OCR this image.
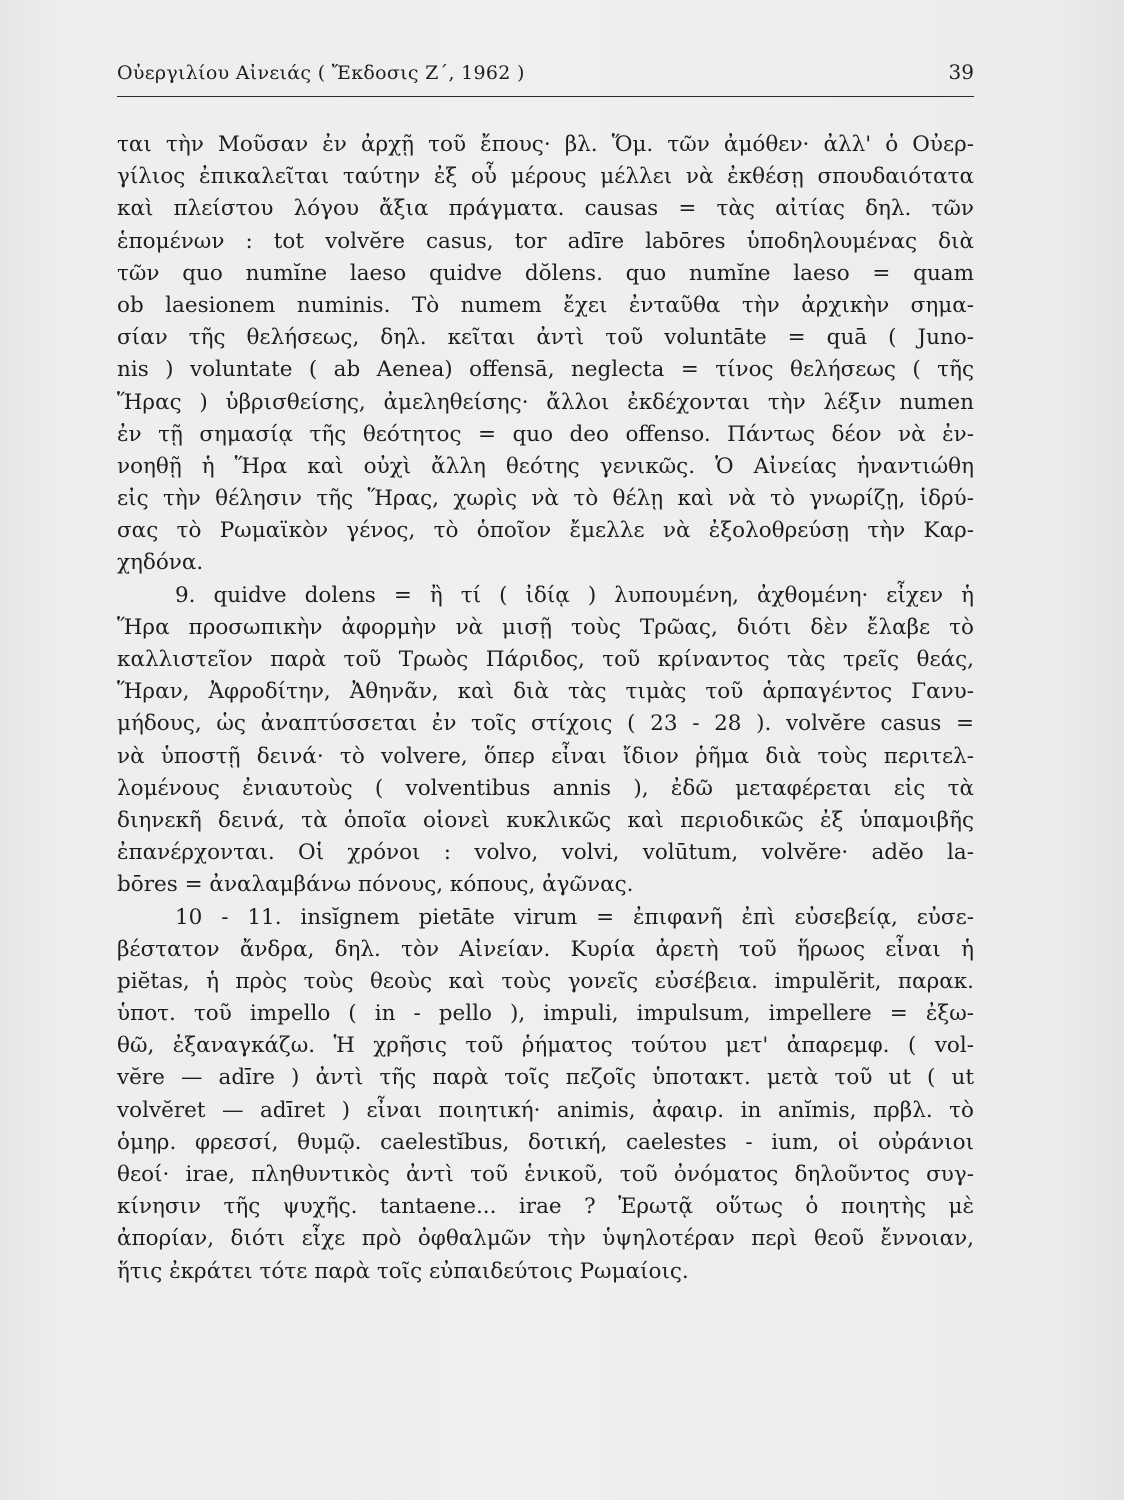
Οὐεργιλίου Αἰνειάς ( Ἔκδοσις Ζ΄, 1962 )	39
ται τὴν Μοῦσαν ἐν ἀρχῇ τοῦ ἔπους· βλ. Ὅμ. τῶν ἀμόθεν· ἀλλ' ὁ Οὐερ-
γίλιος ἐπικαλεῖται ταύτην ἐξ οὗ μέρους μέλλει νὰ ἐκθέσῃ σπουδαιότατα
καὶ πλείστου λόγου ἄξια πράγματα. causas = τὰς αἰτίας δηλ. τῶν
ἑπομένων : tot volvĕre casus, tor adīre labōres ὑποδηλουμένας διὰ
τῶν quo numĭne laeso quidve dŏlens. quo numĭne laeso = quam
ob laesionem numinis. Τὸ numem ἔχει ἐνταῦθα τὴν ἀρχικὴν σημα-
σίαν τῆς θελήσεως, δηλ. κεῖται ἀντὶ τοῦ voluntāte = quā ( Juno-
nis ) voluntate ( ab Aenea) offensā, neglecta = τίνος θελήσεως ( τῆς
Ἥρας ) ὑβρισθείσης, ἀμεληθείσης· ἄλλοι ἐκδέχονται τὴν λέξιν numen
ἐν τῇ σημασίᾳ τῆς θεότητος = quo deo offenso. Πάντως δέον νὰ ἐν-
νοηθῇ ἡ Ἥρα καὶ οὐχὶ ἄλλη θεότης γενικῶς. Ὁ Αἰνείας ἠναντιώθη
εἰς τὴν θέλησιν τῆς Ἥρας, χωρὶς νὰ τὸ θέλῃ καὶ νὰ τὸ γνωρίζῃ, ἱδρύ-
σας τὸ Ρωμαϊκὸν γένος, τὸ ὁποῖον ἔμελλε νὰ ἐξολοθρεύσῃ τὴν Καρ-
χηδόνα.
9. quidve dolens = ἢ τί ( ἰδίᾳ ) λυπουμένη, ἀχθομένη· εἶχεν ἡ
Ἥρα προσωπικὴν ἀφορμὴν νὰ μισῇ τοὺς Τρῶας, διότι δὲν ἔλαβε τὸ
καλλιστεῖον παρὰ τοῦ Τρωὸς Πάριδος, τοῦ κρίναντος τὰς τρεῖς θεάς,
Ἥραν, Ἀφροδίτην, Ἀθηνᾶν, καὶ διὰ τὰς τιμὰς τοῦ ἁρπαγέντος Γανυ-
μήδους, ὡς ἀναπτύσσεται ἐν τοῖς στίχοις ( 23 - 28 ). volvĕre casus =
νὰ ὑποστῇ δεινά· τὸ volvere, ὅπερ εἶναι ἴδιον ῥῆμα διὰ τοὺς περιτελ-
λομένους ἐνιαυτοὺς ( volventibus annis ), ἐδῶ μεταφέρεται εἰς τὰ
διηνεκῆ δεινά, τὰ ὁποῖα οἱονεὶ κυκλικῶς καὶ περιοδικῶς ἐξ ὑπαμοιβῆς
ἐπανέρχονται. Οἱ χρόνοι : volvo, volvi, volūtum, volvĕre· adĕo la-
bōres = ἀναλαμβάνω πόνους, κόπους, ἀγῶνας.
10 - 11. insĭgnem pietāte virum = ἐπιφανῆ ἐπὶ εὐσεβείᾳ, εὐσε-
βέστατον ἄνδρα, δηλ. τὸν Αἰνείαν. Κυρία ἀρετὴ τοῦ ἥρωος εἶναι ἡ
piĕtas, ἡ πρὸς τοὺς θεοὺς καὶ τοὺς γονεῖς εὐσέβεια. impulĕrit, παρακ.
ὑποτ. τοῦ impello ( in - pello ), impuli, impulsum, impellere = ἐξω-
θῶ, ἐξαναγκάζω. Ἡ χρῆσις τοῦ ῥήματος τούτου μετ' ἀπαρεμφ. ( vol-
vĕre — adīre ) ἀντὶ τῆς παρὰ τοῖς πεζοῖς ὑποτακτ. μετὰ τοῦ ut ( ut
volvĕret — adīret ) εἶναι ποιητική· animis, ἀφαιρ. in anĭmis, πρβλ. τὸ
ὁμηρ. φρεσσί, θυμῷ. caelestĭbus, δοτική, caelestes - ium, οἱ οὐράνιοι
θεοί· irae, πληθυντικὸς ἀντὶ τοῦ ἑνικοῦ, τοῦ ὀνόματος δηλοῦντος συγ-
κίνησιν τῆς ψυχῆς. tantaene... irae ? Ἐρωτᾷ οὕτως ὁ ποιητὴς μὲ
ἀπορίαν, διότι εἶχε πρὸ ὀφθαλμῶν τὴν ὑψηλοτέραν περὶ θεοῦ ἔννοιαν,
ἥτις ἐκράτει τότε παρὰ τοῖς εὐπαιδεύτοις Ρωμαίοις.
